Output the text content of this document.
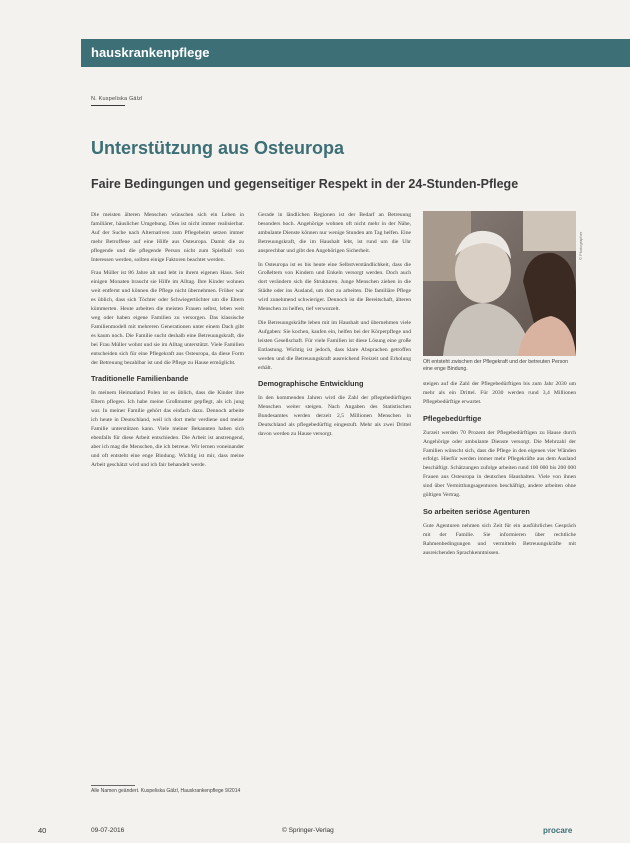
hauskrankenpflege
N. Kuspeliska Gälzl
Unterstützung aus Osteuropa
Faire Bedingungen und gegenseitiger Respekt in der 24-Stunden-Pflege

Die meisten älteren Menschen wünschen sich ein Leben in familiärer, häuslicher Umgebung. Dies ist nicht immer realisierbar. Auf der Suche nach Alternativen zum Pflegeheim setzen immer mehr Betroffene auf eine Hilfe aus Osteuropa. Damit die zu pflegende und die pflegende Person nicht zum Spielball von Interessen werden, sollten einige Faktoren beachtet werden.

Frau Müller ist 86 Jahre alt und lebt in ihrem eigenen Haus. Seit einigen Monaten braucht sie Hilfe im Alltag. Ihre Kinder wohnen weit entfernt und können die Pflege nicht übernehmen. Früher war es üblich, dass sich Töchter oder Schwiegertöchter um die Eltern kümmerten. Heute arbeiten die meisten Frauen selbst, leben weit weg oder haben eigene Familien zu versorgen. Das klassische Familienmodell mit mehreren Generationen unter einem Dach gibt es kaum noch. Die Familie sucht deshalb eine Betreuungskraft, die bei Frau Müller wohnt und sie im Alltag unterstützt. Viele Familien entscheiden sich für eine Pflegekraft aus Osteuropa, da diese Form der Betreuung bezahlbar ist und die Pflege zu Hause ermöglicht.

Traditionelle Familienbande

In meinem Heimatland Polen ist es üblich, dass die Kinder ihre Eltern pflegen. Ich habe meine Großmutter gepflegt, als ich jung war. In meiner Familie gehört das einfach dazu. Dennoch arbeite ich heute in Deutschland, weil ich dort mehr verdiene und meine Familie unterstützen kann. Viele meiner Bekannten haben sich ebenfalls für diese Arbeit entschieden. Die Arbeit ist anstrengend, aber ich mag die Menschen, die ich betreue. Wir lernen voneinander und oft entsteht eine enge Bindung. Wichtig ist mir, dass meine Arbeit geschätzt wird und ich fair behandelt werde.

Gerade in ländlichen Regionen ist der Bedarf an Betreuung besonders hoch. Angehörige wohnen oft nicht mehr in der Nähe, ambulante Dienste können nur wenige Stunden am Tag helfen. Eine Betreuungskraft, die im Haushalt lebt, ist rund um die Uhr ansprechbar und gibt den Angehörigen Sicherheit.

In Osteuropa ist es bis heute eine Selbstverständlichkeit, dass die Großeltern von Kindern und Enkeln versorgt werden. Doch auch dort verändern sich die Strukturen. Junge Menschen ziehen in die Städte oder ins Ausland, um dort zu arbeiten. Die familiäre Pflege wird zunehmend schwieriger. Dennoch ist die Bereitschaft, älteren Menschen zu helfen, tief verwurzelt.

Die Betreuungskräfte leben mit im Haushalt und übernehmen viele Aufgaben: Sie kochen, kaufen ein, helfen bei der Körperpflege und leisten Gesellschaft. Für viele Familien ist diese Lösung eine große Entlastung. Wichtig ist jedoch, dass klare Absprachen getroffen werden und die Betreuungskraft ausreichend Freizeit und Erholung erhält.

Demographische Entwicklung

In den kommenden Jahren wird die Zahl der pflegebedürftigen Menschen weiter steigen. Nach Angaben des Statistischen Bundesamtes werden derzeit 2,5 Millionen Menschen in Deutschland als pflegebedürftig eingestuft. Mehr als zwei Drittel davon werden zu Hause versorgt.

© Photographer
Oft entsteht zwischen der Pflegekraft und der betreuten Person eine enge Bindung.

steigen auf die Zahl der Pflegebedürftigen bis zum Jahr 2030 um mehr als ein Drittel. Für 2030 werden rund 3,4 Millionen Pflegebedürftige erwartet.

Pflegebedürftige

Zurzeit werden 70 Prozent der Pflegebedürftigen zu Hause durch Angehörige oder ambulante Dienste versorgt. Die Mehrzahl der Familien wünscht sich, dass die Pflege in den eigenen vier Wänden erfolgt. Hierfür werden immer mehr Pflegekräfte aus dem Ausland beschäftigt. Schätzungen zufolge arbeiten rund 100 000 bis 200 000 Frauen aus Osteuropa in deutschen Haushalten. Viele von ihnen sind über Vermittlungsagenturen beschäftigt, andere arbeiten ohne gültigen Vertrag.

So arbeiten seriöse Agenturen

Gute Agenturen nehmen sich Zeit für ein ausführliches Gespräch mit der Familie. Sie informieren über rechtliche Rahmenbedingungen und vermitteln Betreuungskräfte mit ausreichenden Sprachkenntnissen.

Alle Namen geändert. Kuspeliska Gälzl, Hauskrankenpflege 9/2014
40	09-07-2016	© Springer-Verlag	procare
